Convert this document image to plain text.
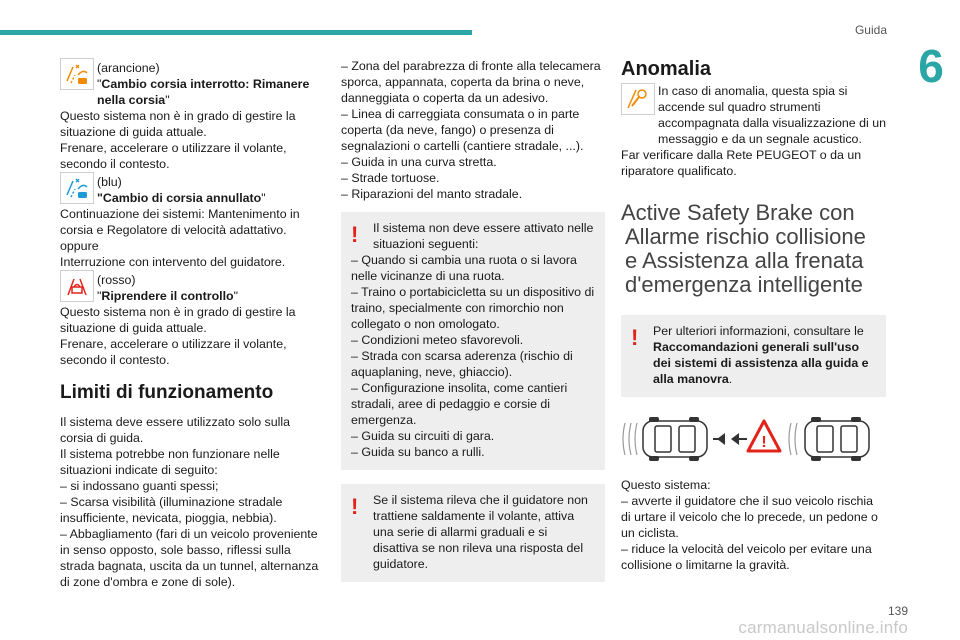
Guida
6
(arancione)
"Cambio corsia interrotto: Rimanere nella corsia"
Questo sistema non è in grado di gestire la situazione di guida attuale.
Frenare, accelerare o utilizzare il volante, secondo il contesto.
(blu)
"Cambio di corsia annullato"
Continuazione dei sistemi: Mantenimento in corsia e Regolatore di velocità adattativo.
oppure
Interruzione con intervento del guidatore.
(rosso)
"Riprendere il controllo"
Questo sistema non è in grado di gestire la situazione di guida attuale.
Frenare, accelerare o utilizzare il volante, secondo il contesto.
Limiti di funzionamento
Il sistema deve essere utilizzato solo sulla corsia di guida.
Il sistema potrebbe non funzionare nelle situazioni indicate di seguito:
– si indossano guanti spessi;
– Scarsa visibilità (illuminazione stradale insufficiente, nevicata, pioggia, nebbia).
– Abbagliamento (fari di un veicolo proveniente in senso opposto, sole basso, riflessi sulla strada bagnata, uscita da un tunnel, alternanza di zone d'ombra e zone di sole).
– Zona del parabrezza di fronte alla telecamera sporca, appannata, coperta da brina o neve, danneggiata o coperta da un adesivo.
– Linea di carreggiata consumata o in parte coperta (da neve, fango) o presenza di segnalazioni o cartelli (cantiere stradale, ...).
– Guida in una curva stretta.
– Strade tortuose.
– Riparazioni del manto stradale.
!	Il sistema non deve essere attivato nelle situazioni seguenti:
– Quando si cambia una ruota o si lavora nelle vicinanze di una ruota.
– Traino o portabicicletta su un dispositivo di traino, specialmente con rimorchio non collegato o non omologato.
– Condizioni meteo sfavorevoli.
– Strada con scarsa aderenza (rischio di aquaplaning, neve, ghiaccio).
– Configurazione insolita, come cantieri stradali, aree di pedaggio e corsie di emergenza.
– Guida su circuiti di gara.
– Guida su banco a rulli.
!	Se il sistema rileva che il guidatore non trattiene saldamente il volante, attiva una serie di allarmi graduali e si disattiva se non rileva una risposta del guidatore.
Anomalia
In caso di anomalia, questa spia si accende sul quadro strumenti accompagnata dalla visualizzazione di un messaggio e da un segnale acustico.
Far verificare dalla Rete PEUGEOT o da un riparatore qualificato.
Active Safety Brake con
Allarme rischio collisione
e Assistenza alla frenata
d'emergenza intelligente
!	Per ulteriori informazioni, consultare le Raccomandazioni generali sull'uso dei sistemi di assistenza alla guida e alla manovra.
!
Questo sistema:
– avverte il guidatore che il suo veicolo rischia di urtare il veicolo che lo precede, un pedone o un ciclista.
– riduce la velocità del veicolo per evitare una collisione o limitarne la gravità.
139
carmanualsonline.info
